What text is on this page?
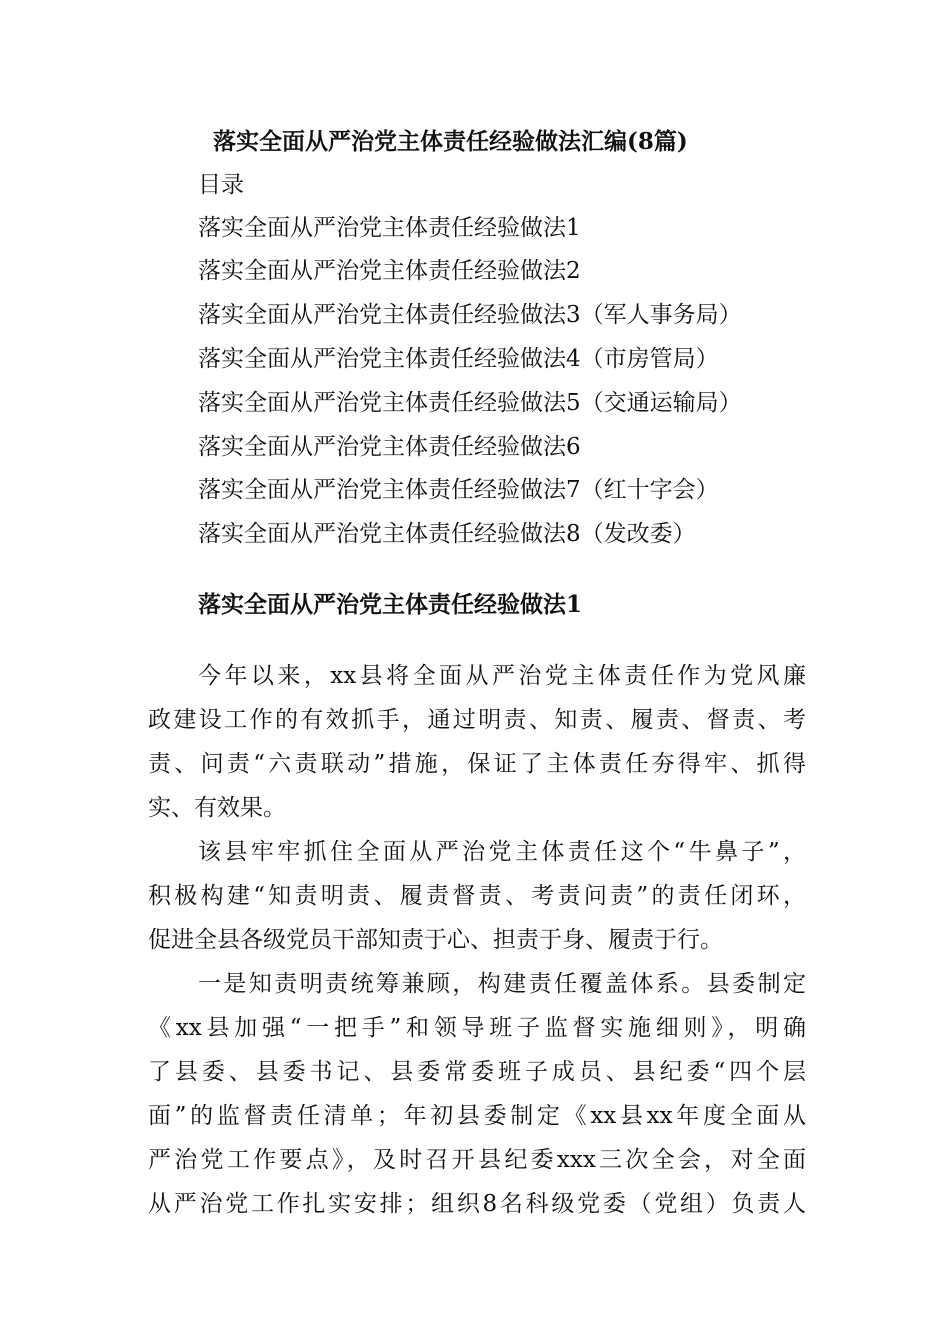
落实全面从严治党主体责任经验做法汇编(8篇)
目录
落实全面从严治党主体责任经验做法1
落实全面从严治党主体责任经验做法2
落实全面从严治党主体责任经验做法3（军人事务局）
落实全面从严治党主体责任经验做法4（市房管局）
落实全面从严治党主体责任经验做法5（交通运输局）
落实全面从严治党主体责任经验做法6
落实全面从严治党主体责任经验做法7（红十字会）
落实全面从严治党主体责任经验做法8（发改委）
落实全面从严治党主体责任经验做法1
今年以来，xx县将全面从严治党主体责任作为党风廉
政建设工作的有效抓手，通过明责、知责、履责、督责、考
责、问责“六责联动”措施，保证了主体责任夯得牢、抓得
实、有效果。
该县牢牢抓住全面从严治党主体责任这个“牛鼻子”，
积极构建“知责明责、履责督责、考责问责”的责任闭环，
促进全县各级党员干部知责于心、担责于身、履责于行。
一是知责明责统筹兼顾，构建责任覆盖体系。县委制定
《xx县加强“一把手”和领导班子监督实施细则》，明确
了县委、县委书记、县委常委班子成员、县纪委“四个层
面”的监督责任清单；年初县委制定《xx县xx年度全面从
严治党工作要点》，及时召开县纪委xxx三次全会，对全面
从严治党工作扎实安排；组织8名科级党委（党组）负责人
